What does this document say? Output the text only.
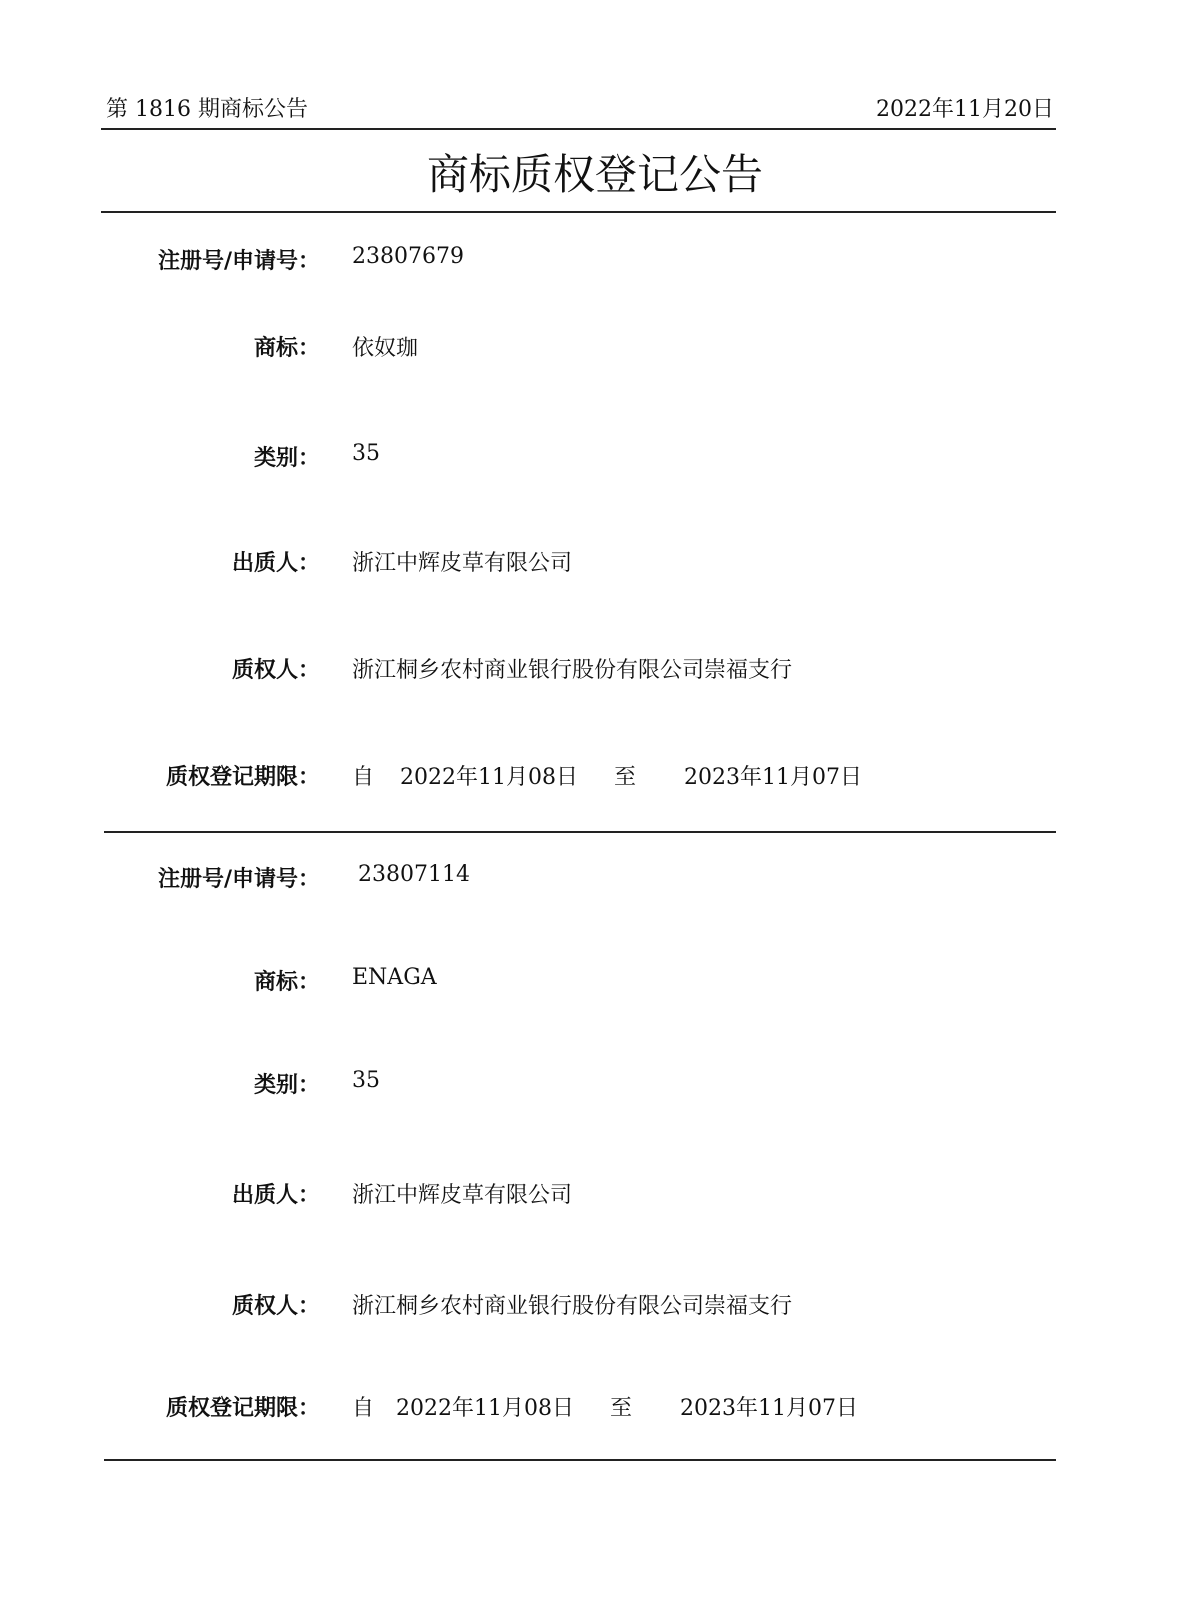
第 1816 期商标公告	2022年11月20日
商标质权登记公告
注册号/申请号： 23807679
商标： 依奴珈
类别： 35
出质人： 浙江中辉皮草有限公司
质权人： 浙江桐乡农村商业银行股份有限公司崇福支行
质权登记期限： 自 2022年11月08日 至 2023年11月07日
注册号/申请号： 23807114
商标： ENAGA
类别： 35
出质人： 浙江中辉皮草有限公司
质权人： 浙江桐乡农村商业银行股份有限公司崇福支行
质权登记期限： 自 2022年11月08日 至 2023年11月07日
